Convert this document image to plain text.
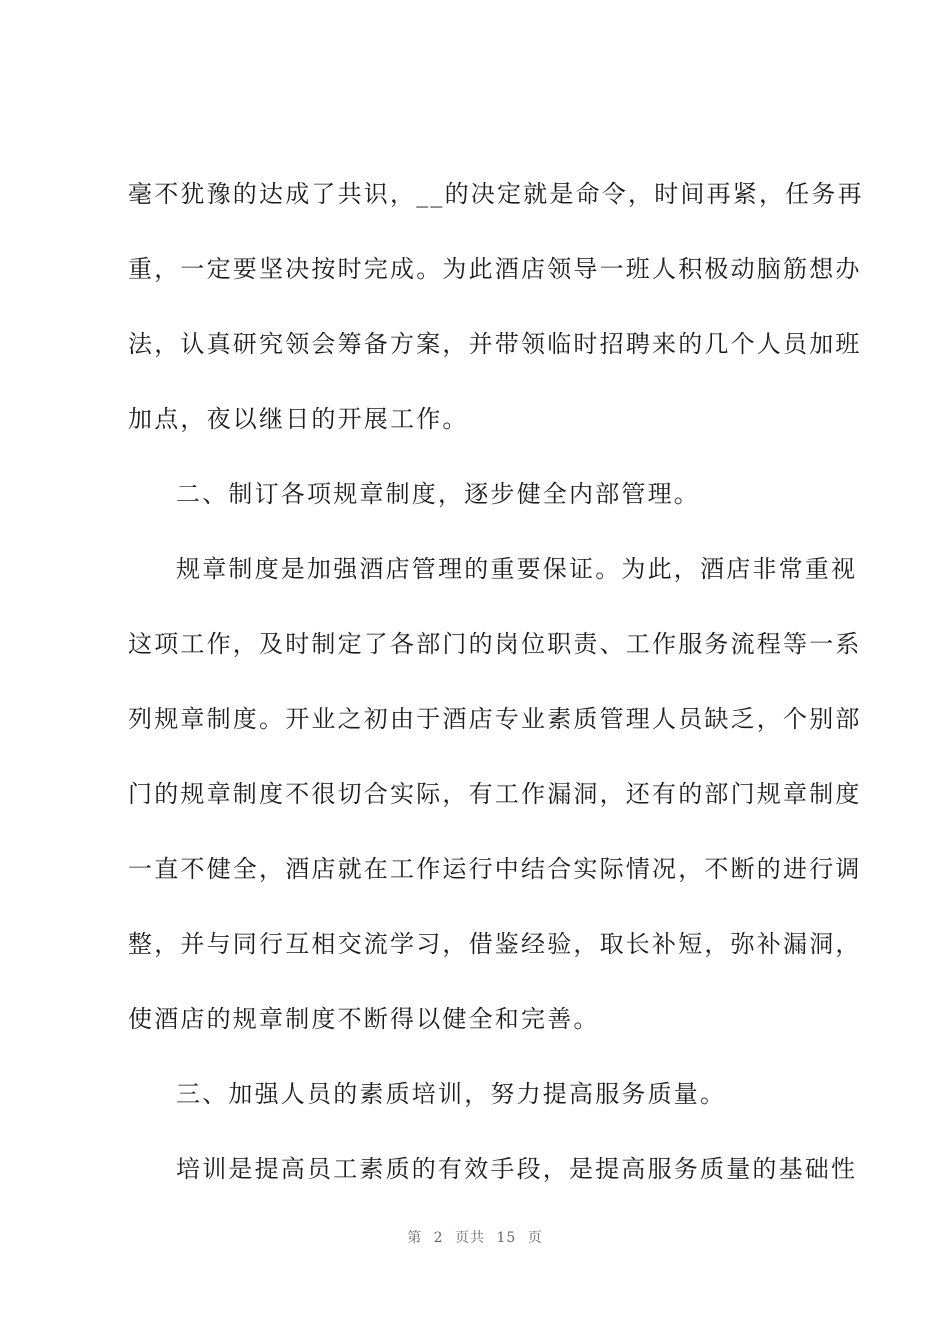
毫不犹豫的达成了共识，__的决定就是命令，时间再紧，任务再
重，一定要坚决按时完成。为此酒店领导一班人积极动脑筋想办
法，认真研究领会筹备方案，并带领临时招聘来的几个人员加班
加点，夜以继日的开展工作。
二、制订各项规章制度，逐步健全内部管理。
规章制度是加强酒店管理的重要保证。为此，酒店非常重视
这项工作，及时制定了各部门的岗位职责、工作服务流程等一系
列规章制度。开业之初由于酒店专业素质管理人员缺乏，个别部
门的规章制度不很切合实际，有工作漏洞，还有的部门规章制度
一直不健全，酒店就在工作运行中结合实际情况，不断的进行调
整，并与同行互相交流学习，借鉴经验，取长补短，弥补漏洞，
使酒店的规章制度不断得以健全和完善。
三、加强人员的素质培训，努力提高服务质量。
培训是提高员工素质的有效手段，是提高服务质量的基础性
第 2 页共 15 页
